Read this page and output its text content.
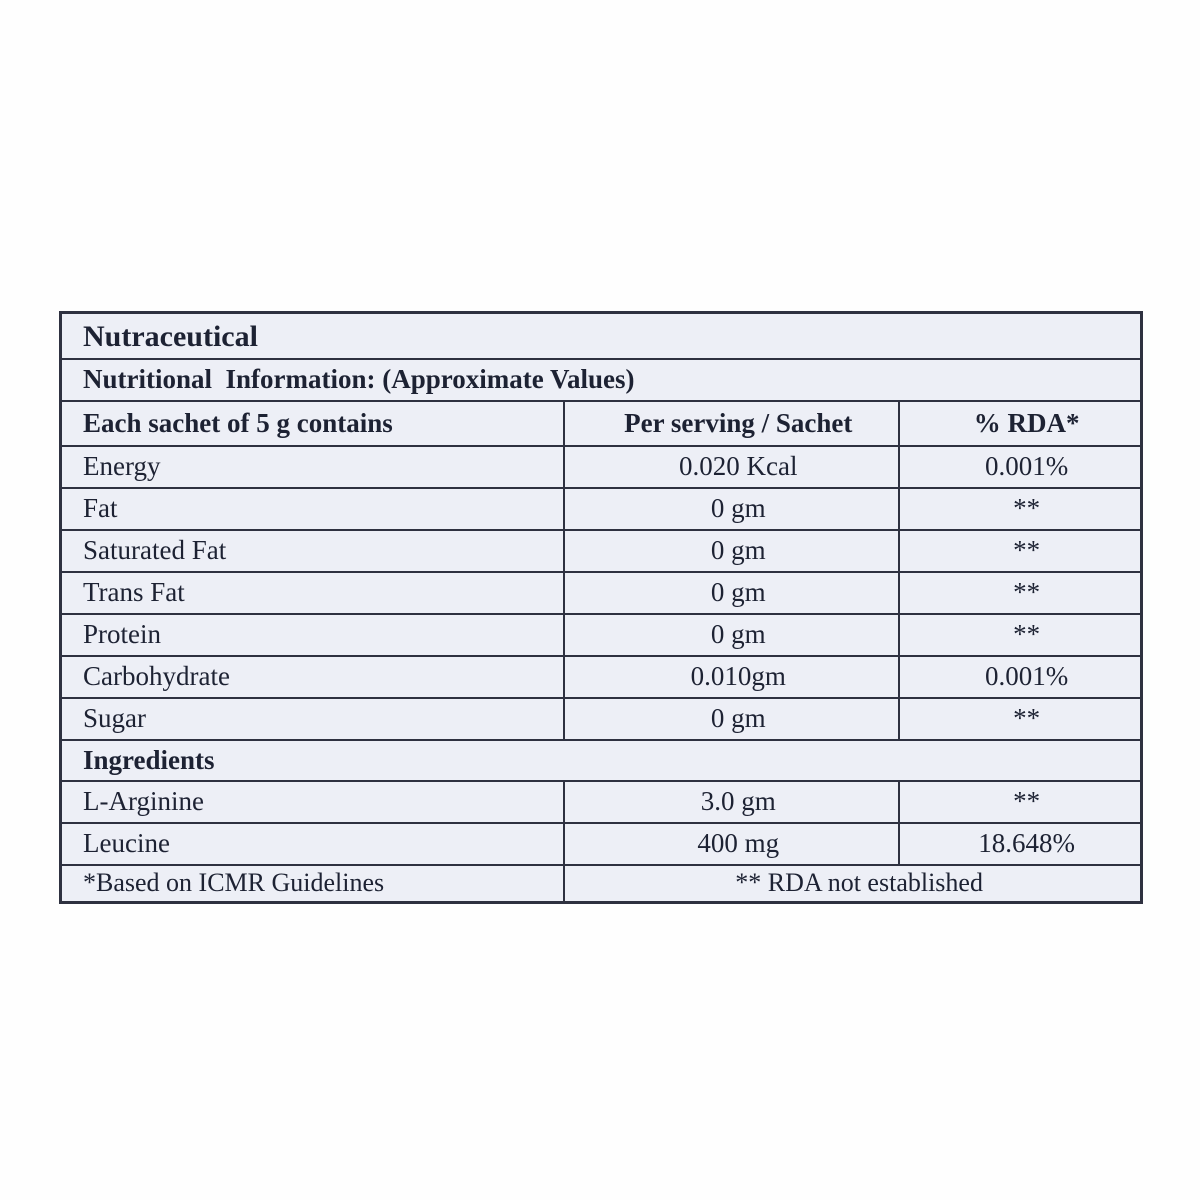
Nutraceutical		
Nutritional  Information: (Approximate Values)		
Each sachet of 5 g contains	Per serving / Sachet	% RDA*
Energy	0.020 Kcal	0.001%
Fat	0 gm	**
Saturated Fat	0 gm	**
Trans Fat	0 gm	**
Protein	0 gm	**
Carbohydrate	0.010gm	0.001%
Sugar	0 gm	**
Ingredients		
L-Arginine	3.0 gm	**
Leucine	400 mg	18.648%
*Based on ICMR Guidelines	** RDA not established	
